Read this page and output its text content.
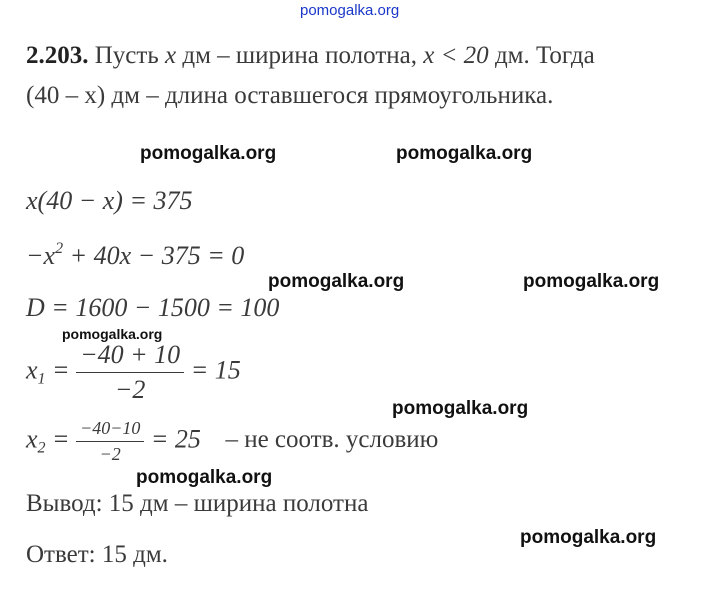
pomogalka.org
pomogalka.org	pomogalka.org
pomogalka.org	pomogalka.org
pomogalka.org
pomogalka.org
pomogalka.org
pomogalka.org
2.203. Пусть x дм – ширина полотна, x < 20 дм. Тогда
(40 – x) дм – длина оставшегося прямоугольника.
x(40 − x) = 375
$-x^2 + 40x - 375 = 0$
D = 1600 − 1500 = 100
$x_1 = \frac{-40 + 10}{-2} = 15$
$x_2 = \frac{-40-10}{-2} = 25$ – не соотв. условию
Вывод: 15 дм – ширина полотна
Ответ: 15 дм.
